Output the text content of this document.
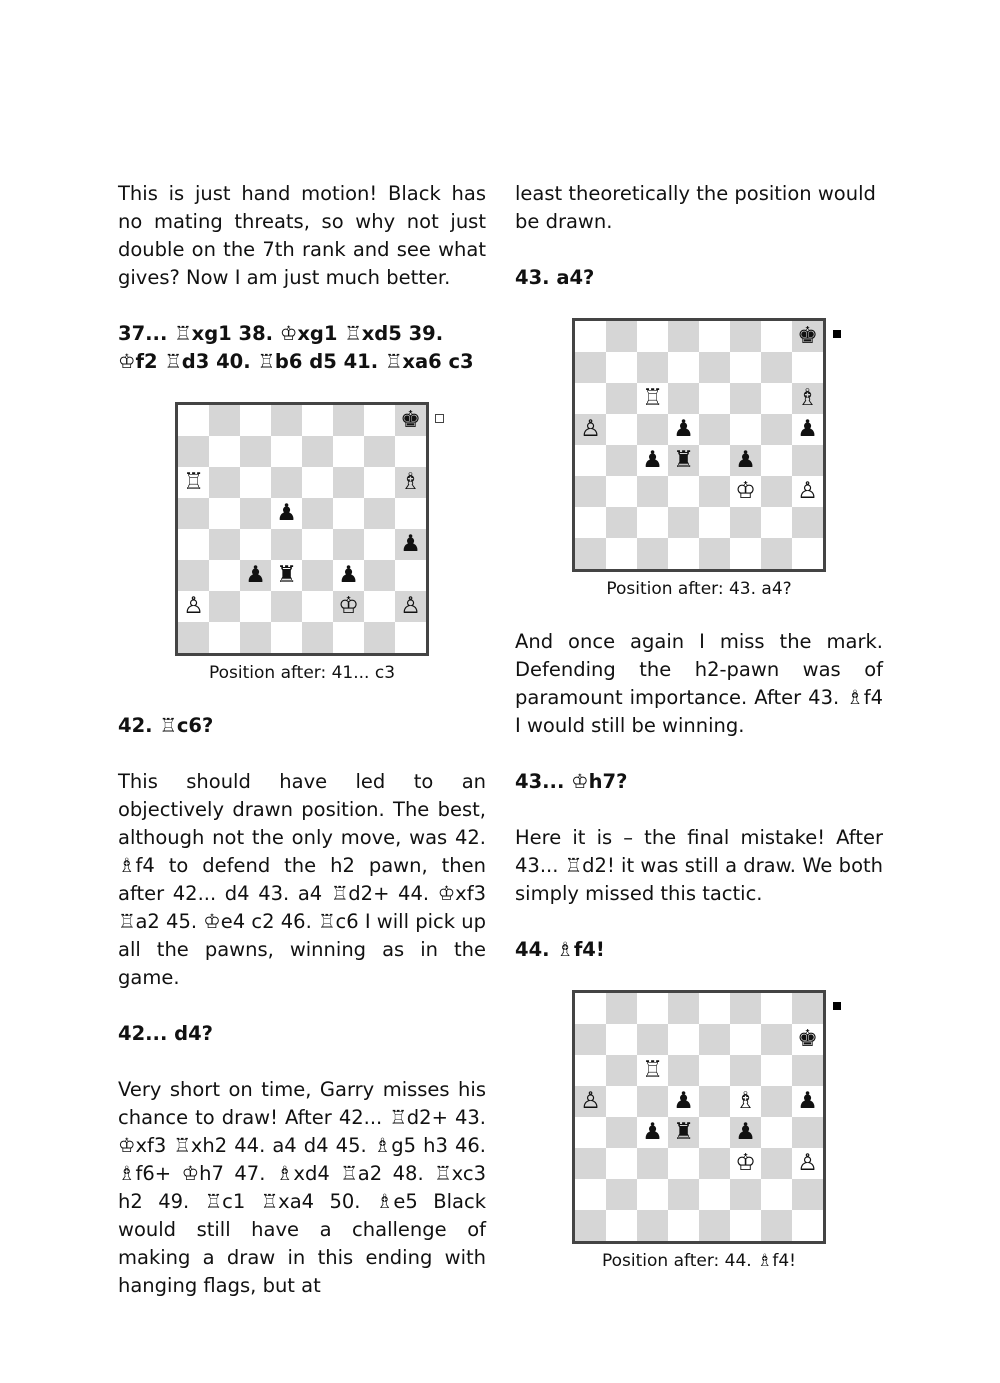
This is just hand motion! Black has no mating threats, so why not just double on the 7th rank and see what gives? Now I am just much better.

37... ♖xg1 38. ♔xg1 ♖xd5 39. ♔f2 ♖d3 40. ♖b6 d5 41. ♖xa6 c3

♚
♖	♗
♟
♟
♟ ♜ ♟
♙	♔ ♙
Position after: 41... c3

42. ♖c6?

This should have led to an objectively drawn position. The best, although not the only move, was 42. ♗f4 to defend the h2 pawn, then after 42... d4 43. a4 ♖d2+ 44. ♔xf3 ♖a2 45. ♔e4 c2 46. ♖c6 I will pick up all the pawns, winning as in the game.

42... d4?

Very short on time, Garry misses his chance to draw! After 42... ♖d2+ 43. ♔xf3 ♖xh2 44. a4 d4 45. ♗g5 h3 46. ♗f6+ ♔h7 47. ♗xd4 ♖a2 48. ♖xc3 h2 49. ♖c1 ♖xa4 50. ♗e5 Black would still have a challenge of making a draw in this ending with hanging flags, but at

least theoretically the position would be drawn.

43. a4?

♚
♖	♗
♙	♟	♟
♟ ♜ ♟
♔ ♙
Position after: 43. a4?

And once again I miss the mark. Defending the h2-pawn was of paramount importance. After 43. ♗f4 I would still be winning.

43... ♔h7?

Here it is – the final mistake! After 43... ♖d2! it was still a draw. We both simply missed this tactic.

44. ♗f4!

♚
♖
♙	♟ ♗ ♟
♟ ♜ ♟
♔ ♙
Position after: 44. ♗f4!
